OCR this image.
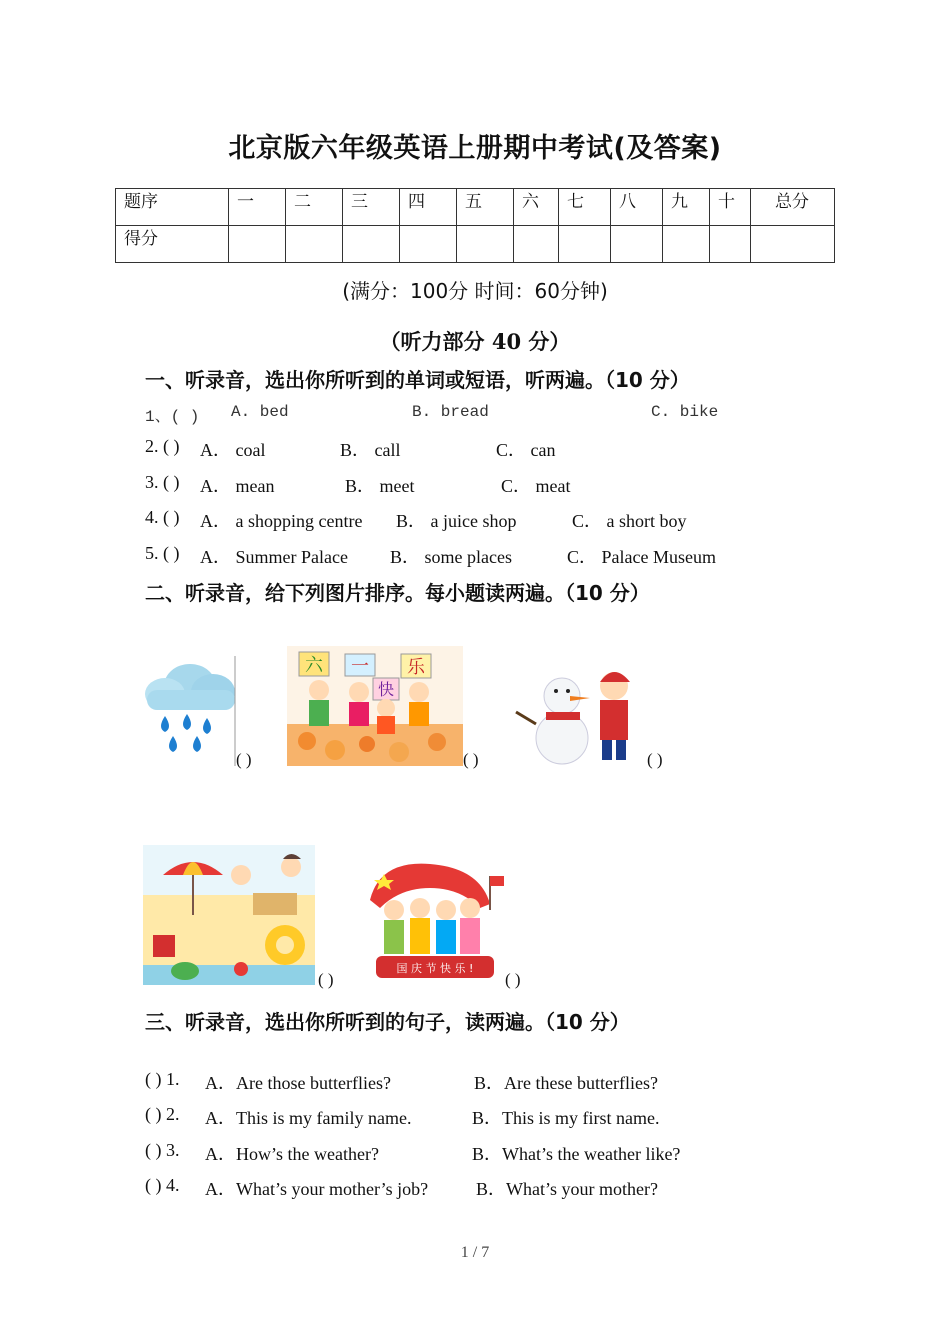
北京版六年级英语上册期中考试(及答案)
题序	一	二	三	四	五	六	七	八	九	十	总分
得分											
(满分：100分 时间：60分钟)
（听力部分 40 分）
一、听录音，选出你所听到的单词或短语，听两遍。（10 分）
1、( ) A. bed	B. bread	C. bike
2. ( ) A． coal	B． call	C． can
3. ( ) A． mean	B． meet	C． meat
4. ( ) A． a shopping centre B． a juice shop	C． a short boy
5. ( ) A． Summer Palace B． some places	C． Palace Museum
二、听录音，给下列图片排序。每小题读两遍。（10 分）
( )
六 一
快
乐
( )	( )
( )
国 庆 节 快 乐 !
( )
三、听录音，选出你所听到的句子，读两遍。（10 分）
( ) 1. A．Are those butterflies?	B．Are these butterflies?
( ) 2. A．This is my family name.	B．This is my first name.
( ) 3. A．How’s the weather?	B．What’s the weather like?
( ) 4. A．What’s your mother’s job?	B．What’s your mother?
1 / 7
